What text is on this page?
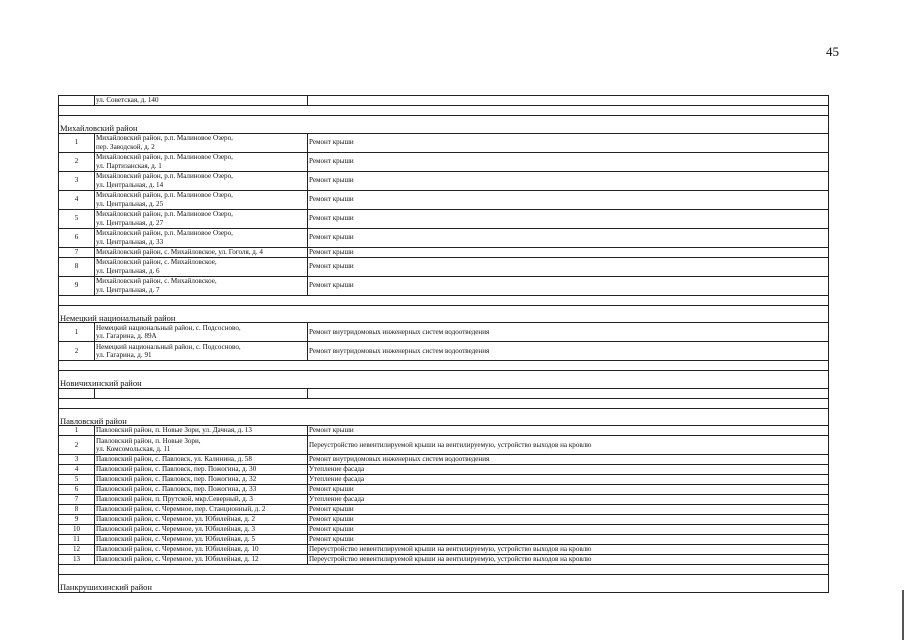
45
	ул. Советская, д. 140	

Михайловский район		
1	Михайловский район, р.п. Малиновое Озеро,
пер. Заводской, д. 2	Ремонт крыши
2	Михайловский район, р.п. Малиновое Озеро,
ул. Партизанская, д. 1	Ремонт крыши
3	Михайловский район, р.п. Малиновое Озеро,
ул. Центральная, д. 14	Ремонт крыши
4	Михайловский район, р.п. Малиновое Озеро,
ул. Центральная, д. 25	Ремонт крыши
5	Михайловский район, р.п. Малиновое Озеро,
ул. Центральная, д. 27	Ремонт крыши
6	Михайловский район, р.п. Малиновое Озеро,
ул. Центральная, д. 33	Ремонт крыши
7	Михайловский район, с. Михайловское, ул. Гоголя, д. 4	Ремонт крыши
8	Михайловский район, с. Михайловское,
ул. Центральная, д. 6	Ремонт крыши
9	Михайловский район, с. Михайловское,
ул. Центральная, д. 7	Ремонт крыши

Немецкий национальный район		
1	Немецкий национальный район, с. Подсосново,
ул. Гагарина, д. 89А	Ремонт внутридомовых инженерных систем водоотведения
2	Немецкий национальный район, с. Подсосново,
ул. Гагарина, д. 91	Ремонт внутридомовых инженерных систем водоотведения

Новичихинский район		

Павловский район		
1	Павловский район, п. Новые Зори, ул. Дачная, д. 13	Ремонт крыши
2	Павловский район, п. Новые Зори,
ул. Комсомольская, д. 11	Переустройство невентилируемой крыши на вентилируемую, устройство выходов на кровлю
3	Павловский район, с. Павловск, ул. Калинина, д. 58	Ремонт внутридомовых инженерных систем водоотведения
4	Павловский район, с. Павловск, пер. Пожогина, д. 30	Утепление фасада
5	Павловский район, с. Павловск, пер. Пожогина, д. 32	Утепление фасада
6	Павловский район, с. Павловск, пер. Пожогина, д. 33	Ремонт крыши
7	Павловский район, п. Прутской, мкр.Северный, д. 3	Утепление фасада
8	Павловский район, с. Черемное, пер. Станционный, д. 2	Ремонт крыши
9	Павловский район, с. Черемное, ул. Юбилейная, д. 2	Ремонт крыши
10	Павловский район, с. Черемное, ул. Юбилейная, д. 3	Ремонт крыши
11	Павловский район, с. Черемное, ул. Юбилейная, д. 5	Ремонт крыши
12	Павловский район, с. Черемное, ул. Юбилейная, д. 10	Переустройство невентилируемой крыши на вентилируемую, устройство выходов на кровлю
13	Павловский район, с. Черемное, ул. Юбилейная, д. 12	Переустройство невентилируемой крыши на вентилируемую, устройство выходов на кровлю

Панкрушихинский район		
